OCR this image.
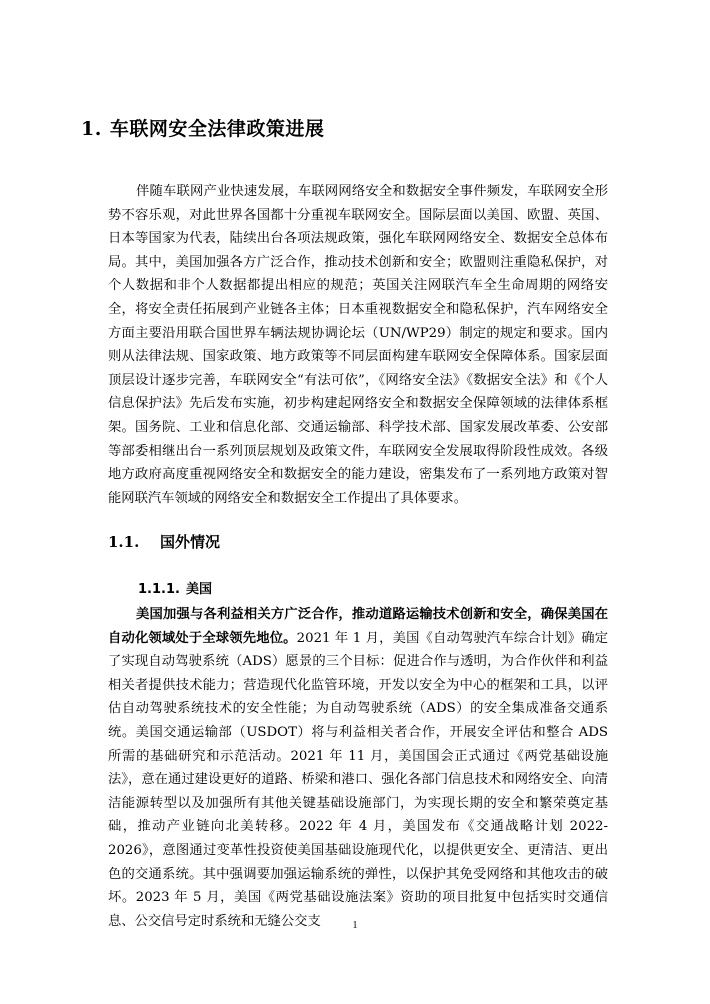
1. 车联网安全法律政策进展

伴随车联网产业快速发展，车联网网络安全和数据安全事件频发，车联网安全形势不容乐观，对此世界各国都十分重视车联网安全。国际层面以美国、欧盟、英国、日本等国家为代表，陆续出台各项法规政策，强化车联网网络安全、数据安全总体布局。其中，美国加强各方广泛合作，推动技术创新和安全；欧盟则注重隐私保护，对个人数据和非个人数据都提出相应的规范；英国关注网联汽车全生命周期的网络安全，将安全责任拓展到产业链各主体；日本重视数据安全和隐私保护，汽车网络安全方面主要沿用联合国世界车辆法规协调论坛（UN/WP29）制定的规定和要求。国内则从法律法规、国家政策、地方政策等不同层面构建车联网安全保障体系。国家层面顶层设计逐步完善，车联网安全“有法可依”，《网络安全法》《数据安全法》和《个人信息保护法》先后发布实施，初步构建起网络安全和数据安全保障领域的法律体系框架。国务院、工业和信息化部、交通运输部、科学技术部、国家发展改革委、公安部等部委相继出台一系列顶层规划及政策文件，车联网安全发展取得阶段性成效。各级地方政府高度重视网络安全和数据安全的能力建设，密集发布了一系列地方政策对智能网联汽车领域的网络安全和数据安全工作提出了具体要求。

1.1. 国外情况
1.1.1. 美国

美国加强与各利益相关方广泛合作，推动道路运输技术创新和安全，确保美国在自动化领域处于全球领先地位。2021 年 1 月，美国《自动驾驶汽车综合计划》确定了实现自动驾驶系统（ADS）愿景的三个目标：促进合作与透明，为合作伙伴和利益相关者提供技术能力；营造现代化监管环境，开发以安全为中心的框架和工具，以评估自动驾驶系统技术的安全性能；为自动驾驶系统（ADS）的安全集成准备交通系统。美国交通运输部（USDOT）将与利益相关者合作，开展安全评估和整合 ADS 所需的基础研究和示范活动。2021 年 11 月，美国国会正式通过《两党基础设施法》，意在通过建设更好的道路、桥梁和港口、强化各部门信息技术和网络安全、向清洁能源转型以及加强所有其他关键基础设施部门，为实现长期的安全和繁荣奠定基础，推动产业链向北美转移。2022 年 4 月，美国发布《交通战略计划 2022-2026》，意图通过变革性投资使美国基础设施现代化，以提供更安全、更清洁、更出色的交通系统。其中强调要加强运输系统的弹性，以保护其免受网络和其他攻击的破坏。2023 年 5 月，美国《两党基础设施法案》资助的项目批复中包括实时交通信息、公交信号定时系统和无缝公交支	1
